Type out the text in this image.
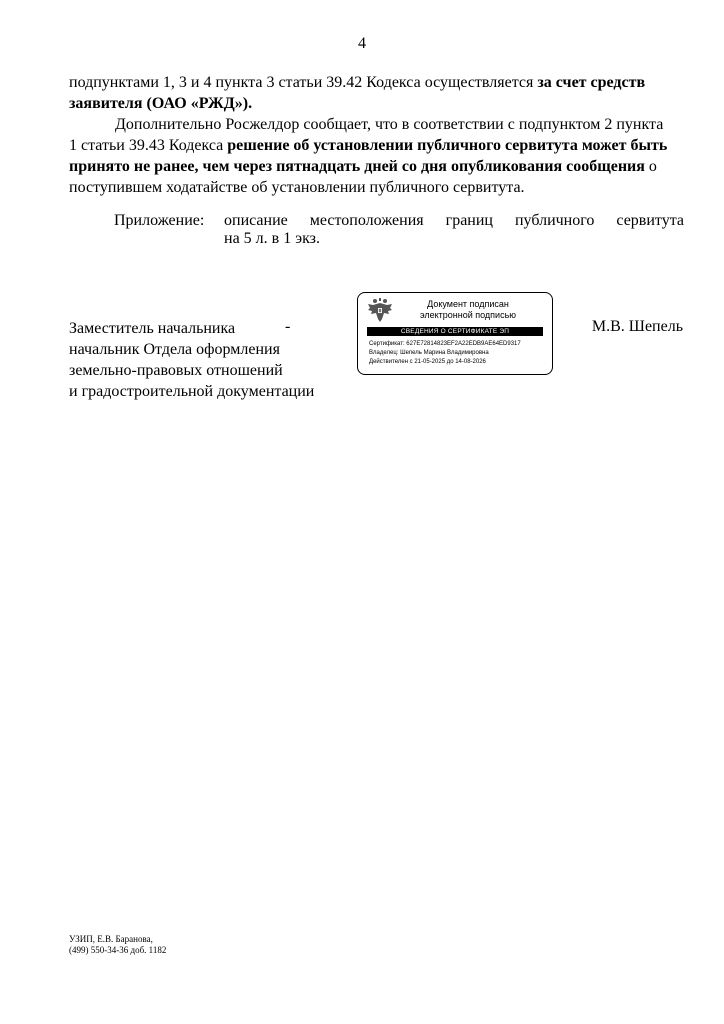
4
подпунктами 1, 3 и 4 пункта 3 статьи 39.42 Кодекса осуществляется за счет средств
заявителя (ОАО «РЖД»).
Дополнительно Росжелдор сообщает, что в соответствии с подпунктом 2 пункта
1 статьи 39.43 Кодекса решение об установлении публичного сервитута может быть
принято не ранее, чем через пятнадцать дней со дня опубликования сообщения о
поступившем ходатайстве об установлении публичного сервитута.
Приложение: описание местоположения границ публичного сервитута
на 5 л. в 1 экз.
Заместитель начальника
начальник Отдела оформления
земельно-правовых отношений
и градостроительной документации
-	М.В. Шепель
Документ подписан
электронной подписью
СВЕДЕНИЯ О СЕРТИФИКАТЕ ЭП
Сертификат: 627E72814823EF2A22EDB9AE64ED9317
Владелец: Шепель Марина Владимировна
Действителен с 21-05-2025 до 14-08-2026
УЗИП, Е.В. Баранова,
(499) 550-34-36 доб. 1182
